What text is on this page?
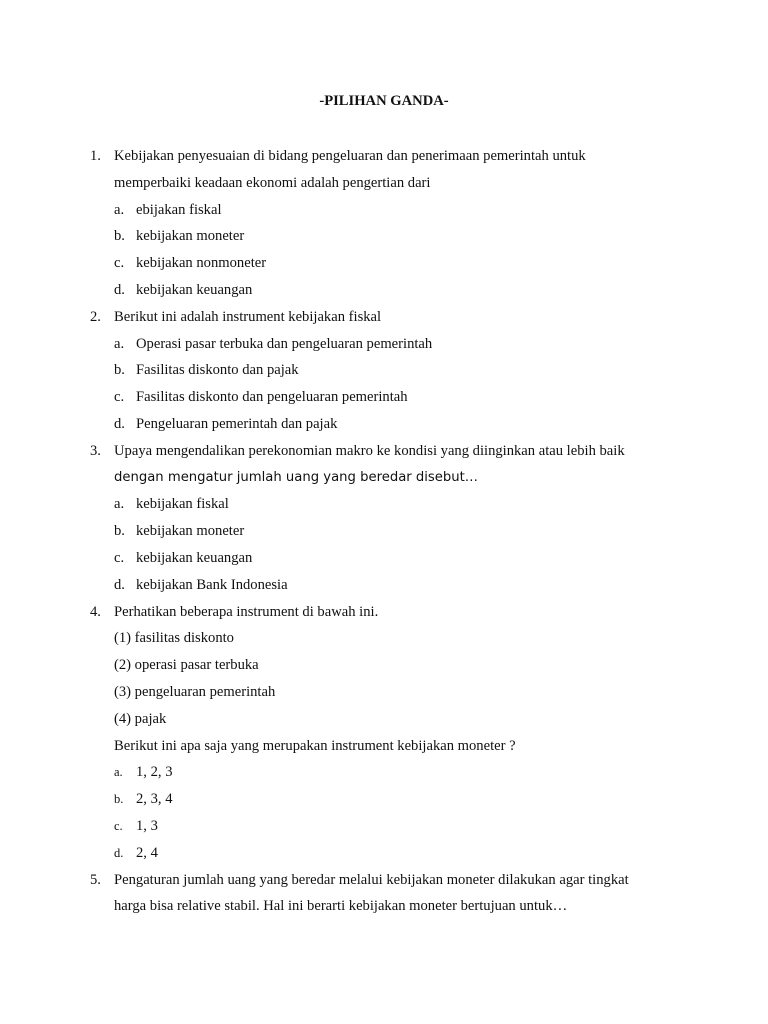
-PILIHAN GANDA-
1. Kebijakan penyesuaian di bidang pengeluaran dan penerimaan pemerintah untuk
memperbaiki keadaan ekonomi adalah pengertian dari
a. ebijakan fiskal
b. kebijakan moneter
c. kebijakan nonmoneter
d. kebijakan keuangan
2. Berikut ini adalah instrument kebijakan fiskal
a. Operasi pasar terbuka dan pengeluaran pemerintah
b. Fasilitas diskonto dan pajak
c. Fasilitas diskonto dan pengeluaran pemerintah
d. Pengeluaran pemerintah dan pajak
3. Upaya mengendalikan perekonomian makro ke kondisi yang diinginkan atau lebih baik
dengan mengatur jumlah uang yang beredar disebut…
a. kebijakan fiskal
b. kebijakan moneter
c. kebijakan keuangan
d. kebijakan Bank Indonesia
4. Perhatikan beberapa instrument di bawah ini.
(1) fasilitas diskonto
(2) operasi pasar terbuka
(3) pengeluaran pemerintah
(4) pajak
Berikut ini apa saja yang merupakan instrument kebijakan moneter ?
a. 1, 2, 3
b. 2, 3, 4
c. 1, 3
d. 2, 4
5. Pengaturan jumlah uang yang beredar melalui kebijakan moneter dilakukan agar tingkat
harga bisa relative stabil. Hal ini berarti kebijakan moneter bertujuan untuk…
